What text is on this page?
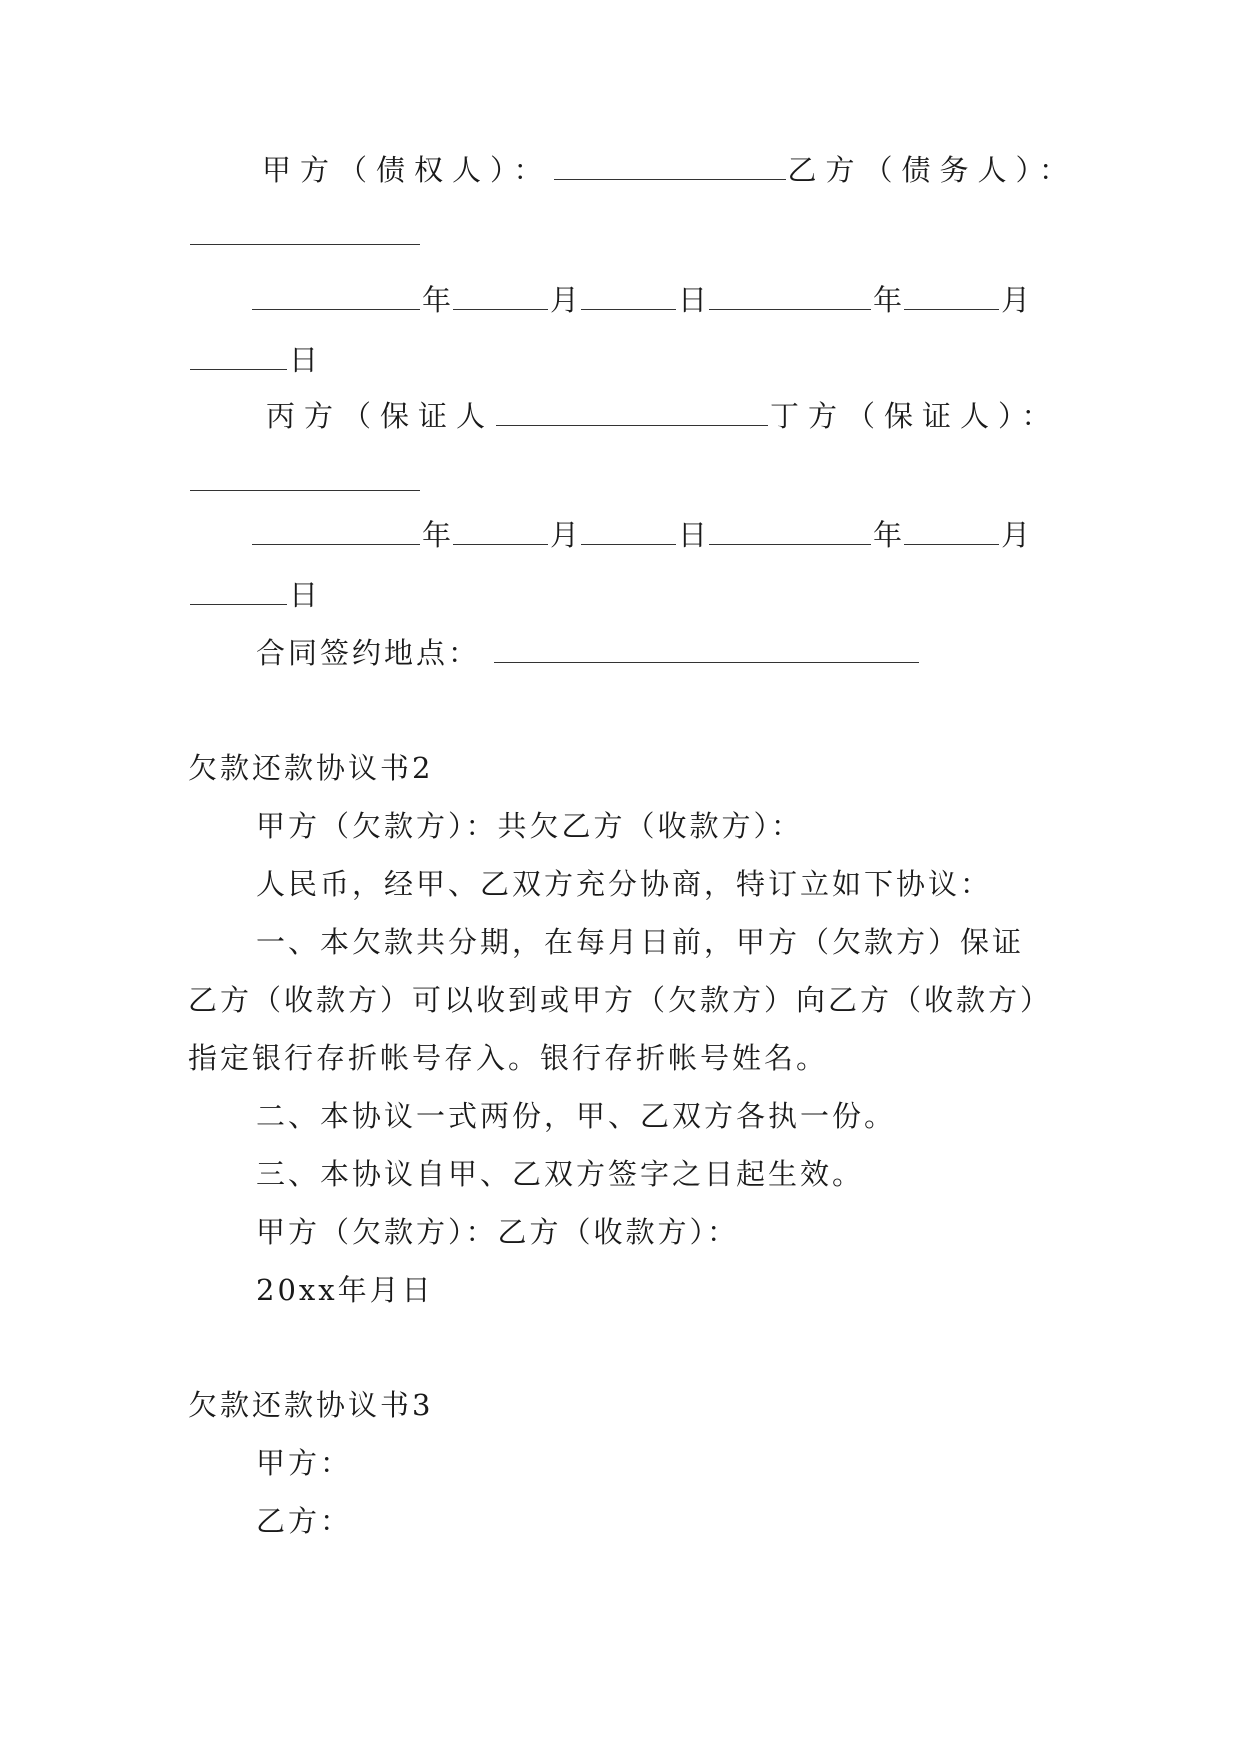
甲方（债权人）：	乙方（债务人）：
年	月	日	年	月
日
丙方（保证人	丁方（保证人）：
年	月	日	年	月
日
合同签约地点：
欠款还款协议书2
甲方（欠款方）：共欠乙方（收款方）：
人民币，经甲、乙双方充分协商，特订立如下协议：
一、本欠款共分期，在每月日前，甲方（欠款方）保证
乙方（收款方）可以收到或甲方（欠款方）向乙方（收款方）
指定银行存折帐号存入。银行存折帐号姓名。
二、本协议一式两份，甲、乙双方各执一份。
三、本协议自甲、乙双方签字之日起生效。
甲方（欠款方）：乙方（收款方）：
20xx年月日
欠款还款协议书3
甲方：
乙方：
